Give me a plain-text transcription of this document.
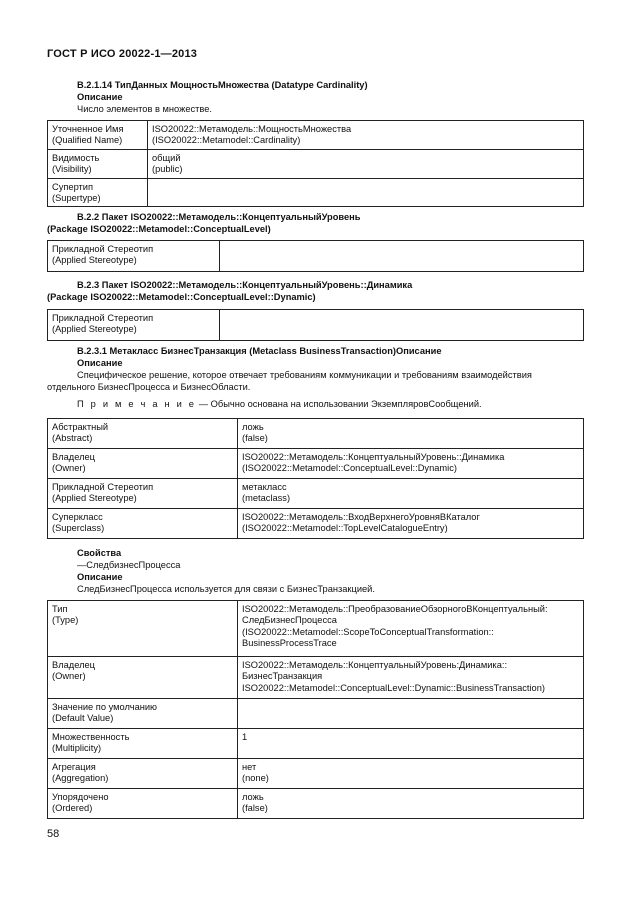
ГОСТ Р ИСО 20022-1—2013
B.2.1.14 ТипДанных МощностьМножества (Datatype Cardinality)
Описание
Число элементов в множестве.
Уточненное Имя
(Qualified Name)	ISO20022::Метамодель::МощностьМножества
(ISO20022::Metamodel::Cardinality)

Видимость
(Visibility)	общий
(public)

Супертип
(Supertype)	

B.2.2 Пакет ISO20022::Метамодель::КонцептуальныйУровень
(Package ISO20022::Metamodel::ConceptualLevel)
Прикладной Стереотип
(Applied Stereotype)

B.2.3 Пакет ISO20022::Метамодель::КонцептуальныйУровень::Динамика
(Package ISO20022::Metamodel::ConceptualLevel::Dynamic)
Прикладной Стереотип
(Applied Stereotype)

B.2.3.1 Метакласс БизнесТранзакция (Metaclass BusinessTransaction)Описание
Описание
Специфическое решение, которое отвечает требованиям коммуникации и требованиям взаимодействия
отдельного БизнесПроцесса и БизнесОбласти.
П р и м е ч а н и е — Обычно основана на использовании ЭкземпляровСообщений.
Абстрактный
(Abstract)	ложь
(false)

Владелец
(Owner)	ISO20022::Метамодель::КонцептуальныйУровень::Динамика
(ISO20022::Metamodel::ConceptualLevel::Dynamic)

Прикладной Стереотип
(Applied Stereotype)	метакласс
(metaclass)

Суперкласс
(Superclass)	ISO20022::Метамодель::ВходВерхнегоУровняВКаталог
(ISO20022::Metamodel::TopLevelCatalogueEntry)
Свойства
—СледбизнесПроцесса
Описание
СледБизнесПроцесса используется для связи с БизнесТранзакцией.
Тип
(Type)	ISO20022::Метамодель::ПреобразованиеОбзорногоВКонцептуальный:
СледБизнесПроцесса
(ISO20022::Metamodel::ScopeToConceptualTransformation::
BusinessProcessTrace

Владелец
(Owner)	ISO20022::Метамодель::КонцептуальныйУровень:Динамика::
БизнесТранзакция
ISO20022::Metamodel::ConceptualLevel::Dynamic::BusinessTransaction)

Значение по умолчанию
(Default Value)	

Множественность
(Multiplicity)	1

Агрегация
(Aggregation)	нет
(none)

Упорядочено
(Ordered)	ложь
(false)
58
